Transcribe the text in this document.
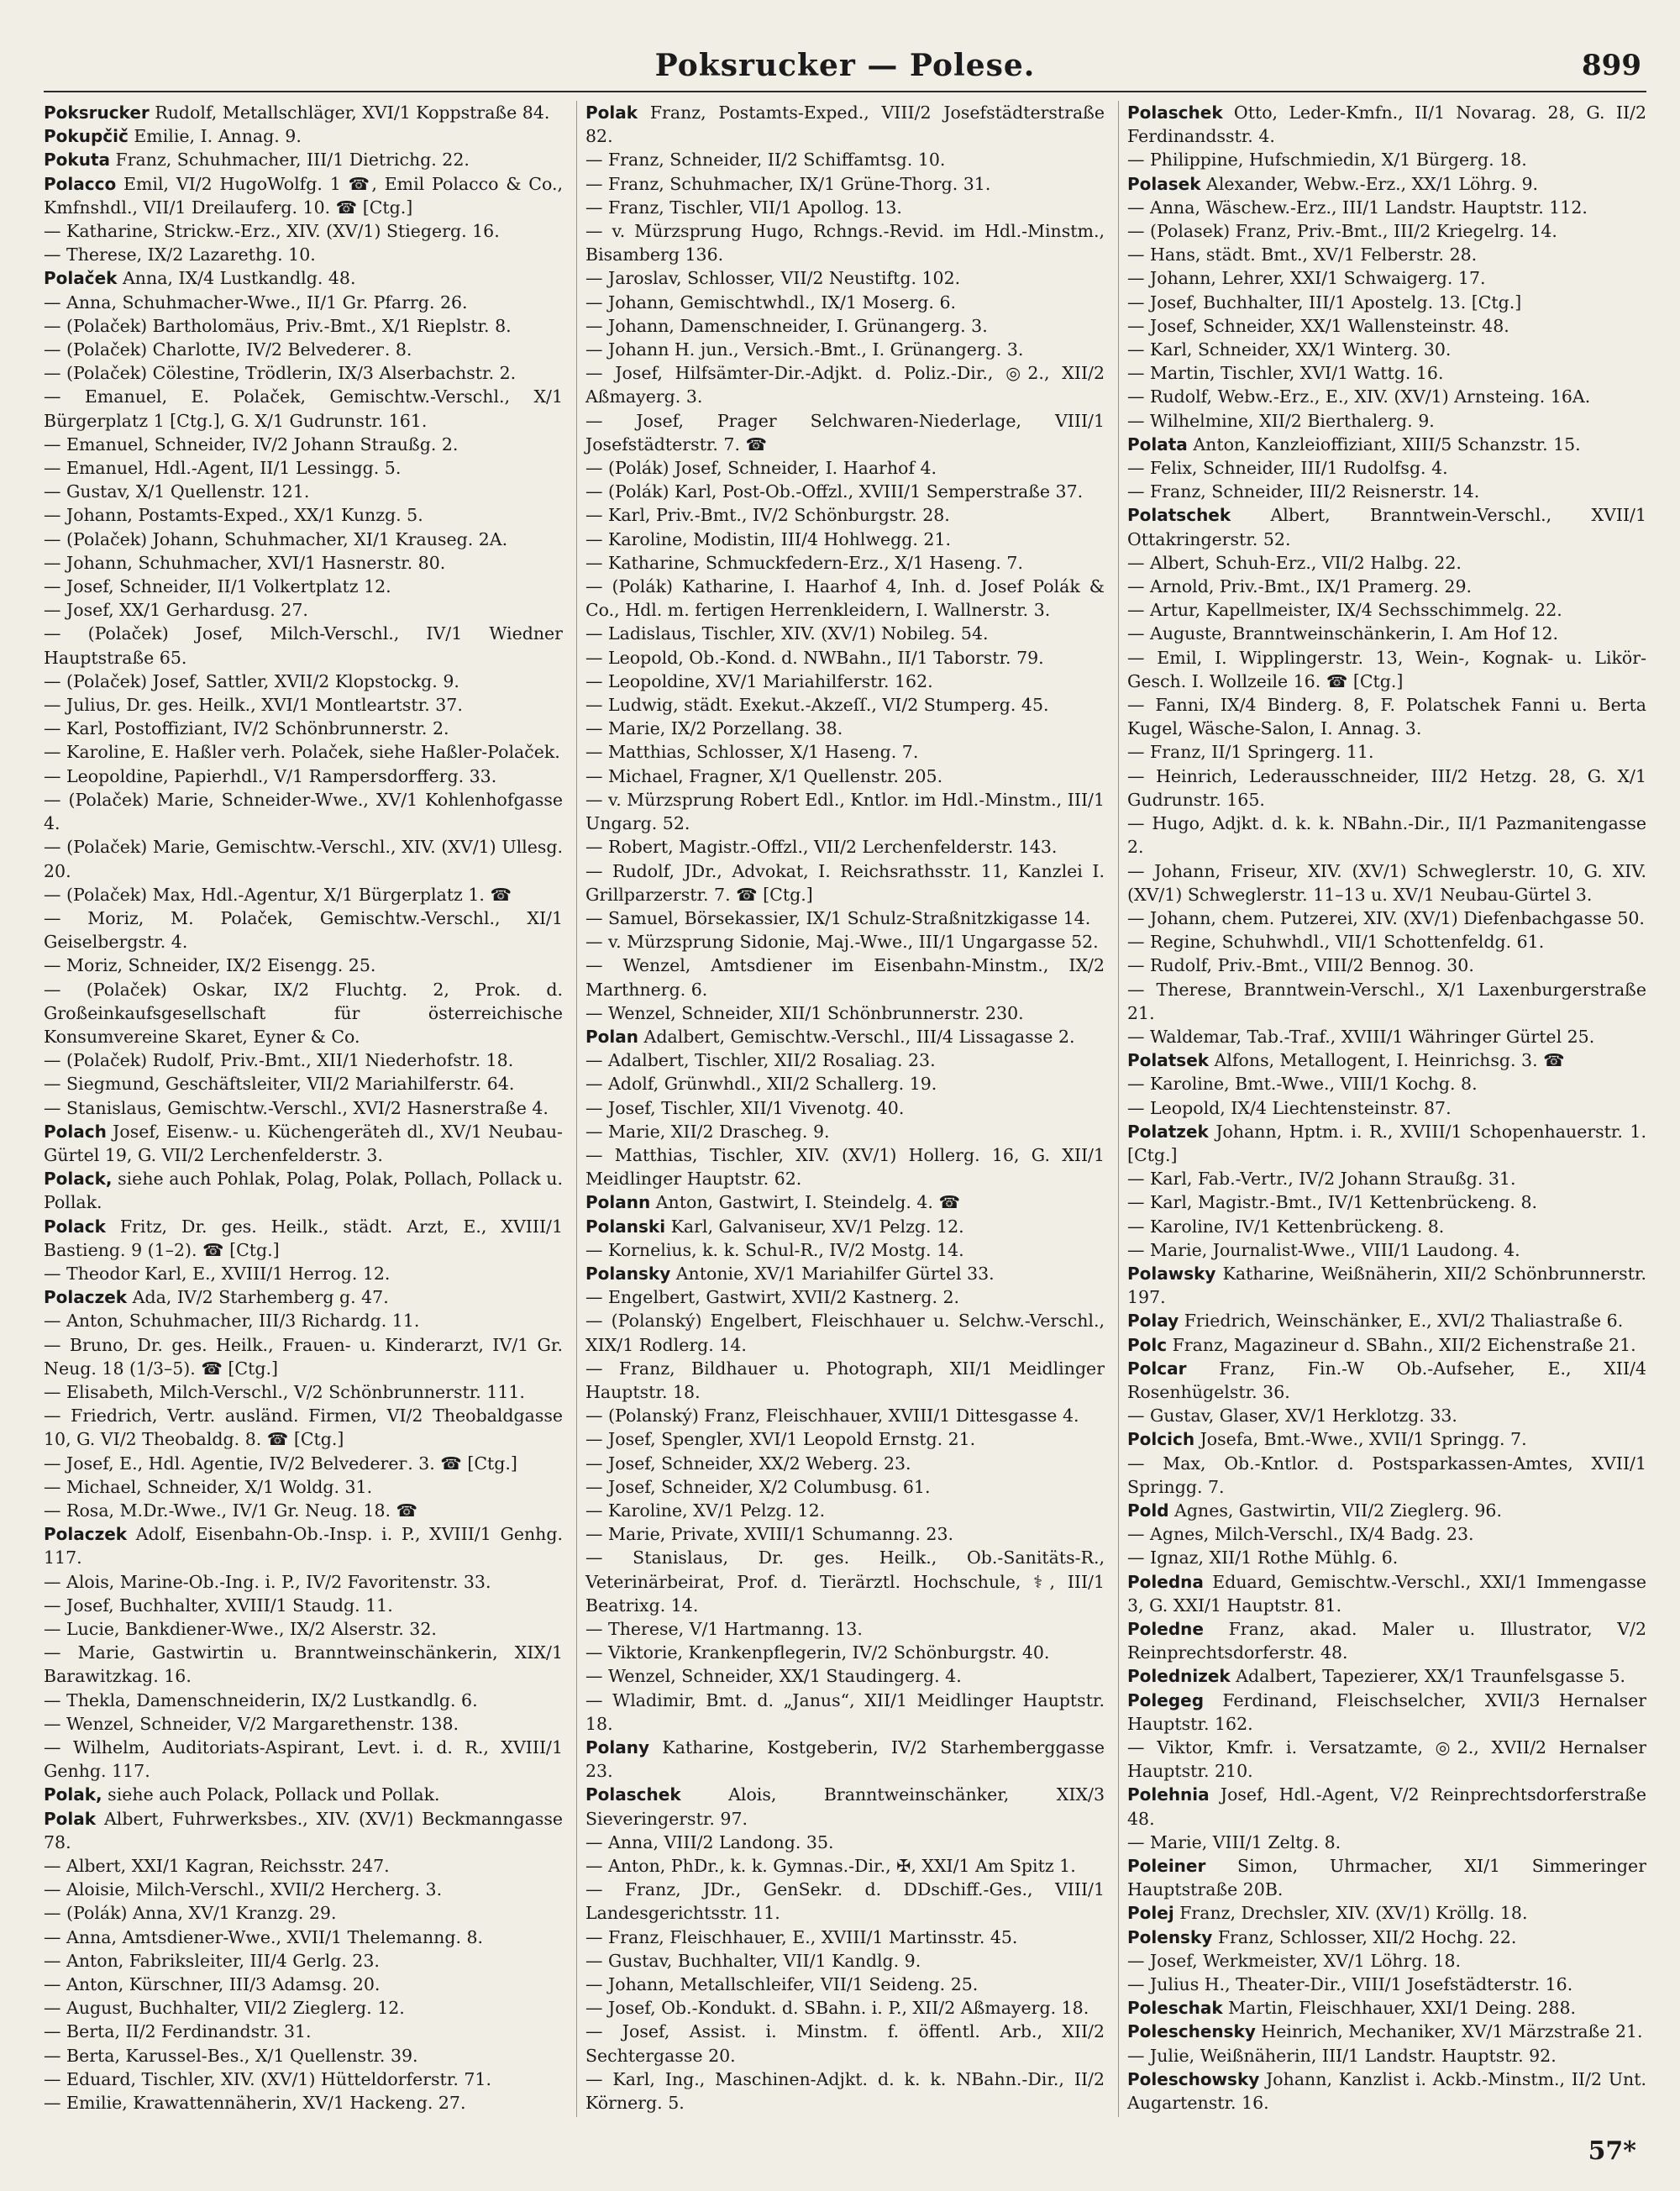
Poksrucker — Polese.	899

Poksrucker Rudolf, Metallschläger, XVI/1 Koppstraße 84.

Pokupčič Emilie, I. Annag. 9.

Pokuta Franz, Schuhmacher, III/1 Dietrichg. 22.

Polacco Emil, VI/2 HugoWolfg. 1 ☎, Emil Polacco & Co., Kmfnshdl., VII/1 Dreilauferg. 10. ☎ [Ctg.]

— Katharine, Strickw.-Erz., XIV. (XV/1) Stiegerg. 16.

— Therese, IX/2 Lazarethg. 10.

Polaček Anna, IX/4 Lustkandlg. 48.

— Anna, Schuhmacher-Wwe., II/1 Gr. Pfarrg. 26.

— (Polaček) Bartholomäus, Priv.-Bmt., X/1 Rieplstr. 8.

— (Polaček) Charlotte, IV/2 Belvederег. 8.

— (Polaček) Cölestine, Trödlerin, IX/3 Alserbachstr. 2.

— Emanuel, E. Polaček, Gemischtw.-Verschl., X/1 Bürgerplatz 1 [Ctg.], G. X/1 Gudrunstr. 161.

— Emanuel, Schneider, IV/2 Johann Straußg. 2.

— Emanuel, Hdl.-Agent, II/1 Lessingg. 5.

— Gustav, X/1 Quellenstr. 121.

— Johann, Postamts-Exped., XX/1 Kunzg. 5.

— (Polaček) Johann, Schuhmacher, XI/1 Krauseg. 2A.

— Johann, Schuhmacher, XVI/1 Hasnerstr. 80.

— Josef, Schneider, II/1 Volkertplatz 12.

— Josef, XX/1 Gerhardusg. 27.

— (Polaček) Josef, Milch-Verschl., IV/1 Wiedner Hauptstraße 65.

— (Polaček) Josef, Sattler, XVII/2 Klopstockg. 9.

— Julius, Dr. ges. Heilk., XVI/1 Montleartstr. 37.

— Karl, Postoffiziant, IV/2 Schönbrunnerstr. 2.

— Karoline, E. Haßler verh. Polaček, siehe Haßler-Polaček.

— Leopoldine, Papierhdl., V/1 Rampersdorfferg. 33.

— (Polaček) Marie, Schneider-Wwe., XV/1 Kohlenhofgasse 4.

— (Polaček) Marie, Gemischtw.-Verschl., XIV. (XV/1) Ullesg. 20.

— (Polaček) Max, Hdl.-Agentur, X/1 Bürgerplatz 1. ☎

— Moriz, M. Polaček, Gemischtw.-Verschl., XI/1 Geiselbergstr. 4.

— Moriz, Schneider, IX/2 Eisengg. 25.

— (Polaček) Oskar, IX/2 Fluchtg. 2, Prok. d. Großeinkaufsgesellschaft für österreichische Konsumvereine Skaret, Eyner & Co.

— (Polaček) Rudolf, Priv.-Bmt., XII/1 Niederhofstr. 18.

— Siegmund, Geschäftsleiter, VII/2 Mariahilferstr. 64.

— Stanislaus, Gemischtw.-Verschl., XVI/2 Hasnerstraße 4.

Polach Josef, Eisenw.- u. Küchengeräteh dl., XV/1 Neubau-Gürtel 19, G. VII/2 Lerchenfelderstr. 3.

Polack, siehe auch Pohlak, Polag, Polak, Pollach, Pollack u. Pollak.

Polack Fritz, Dr. ges. Heilk., städt. Arzt, E., XVIII/1 Bastieng. 9 (1–2). ☎ [Ctg.]

— Theodor Karl, E., XVIII/1 Herrog. 12.

Polaczek Ada, IV/2 Starhemberg g. 47.

— Anton, Schuhmacher, III/3 Richardg. 11.

— Bruno, Dr. ges. Heilk., Frauen- u. Kinderarzt, IV/1 Gr. Neug. 18 (1/3–5). ☎ [Ctg.]

— Elisabeth, Milch-Verschl., V/2 Schönbrunnerstr. 111.

— Friedrich, Vertr. ausländ. Firmen, VI/2 Theobaldgasse 10, G. VI/2 Theobaldg. 8. ☎ [Ctg.]

— Josef, E., Hdl. Agentie, IV/2 Belvederег. 3. ☎ [Ctg.]

— Michael, Schneider, X/1 Woldg. 31.

— Rosa, M.Dr.-Wwe., IV/1 Gr. Neug. 18. ☎

Polaczek Adolf, Eisenbahn-Ob.-Insp. i. P., XVIII/1 Genhg. 117.

— Alois, Marine-Ob.-Ing. i. P., IV/2 Favoritenstr. 33.

— Josef, Buchhalter, XVIII/1 Staudg. 11.

— Lucie, Bankdiener-Wwe., IX/2 Alserstr. 32.

— Marie, Gastwirtin u. Branntweinschänkerin, XIX/1 Barawitzkag. 16.

— Thekla, Damenschneiderin, IX/2 Lustkandlg. 6.

— Wenzel, Schneider, V/2 Margarethenstr. 138.

— Wilhelm, Auditoriats-Aspirant, Levt. i. d. R., XVIII/1 Genhg. 117.

Polak, siehe auch Polack, Pollack und Pollak.

Polak Albert, Fuhrwerksbes., XIV. (XV/1) Beckmanngasse 78.

— Albert, XXI/1 Kagran, Reichsstr. 247.

— Aloisie, Milch-Verschl., XVII/2 Hercherg. 3.

— (Polák) Anna, XV/1 Kranzg. 29.

— Anna, Amtsdiener-Wwe., XVII/1 Thelemanng. 8.

— Anton, Fabriksleiter, III/4 Gerlg. 23.

— Anton, Kürschner, III/3 Adamsg. 20.

— August, Buchhalter, VII/2 Zieglerg. 12.

— Berta, II/2 Ferdinandstr. 31.

— Berta, Karussel-Bes., X/1 Quellenstr. 39.

— Eduard, Tischler, XIV. (XV/1) Hütteldorferstr. 71.

— Emilie, Krawattennäherin, XV/1 Hackeng. 27.

Polak Franz, Postamts-Exped., VIII/2 Josefstädterstraße 82.

— Franz, Schneider, II/2 Schiffamtsg. 10.

— Franz, Schuhmacher, IX/1 Grüne-Thorg. 31.

— Franz, Tischler, VII/1 Apollog. 13.

— v. Mürzsprung Hugo, Rchngs.-Revid. im Hdl.-Minstm., Bisamberg 136.

— Jaroslav, Schlosser, VII/2 Neustiftg. 102.

— Johann, Gemischtwhdl., IX/1 Moserg. 6.

— Johann, Damenschneider, I. Grünangerg. 3.

— Johann H. jun., Versich.-Bmt., I. Grünangerg. 3.

— Josef, Hilfsämter-Dir.-Adjkt. d. Poliz.-Dir., ◎2., XII/2 Aßmayerg. 3.

— Josef, Prager Selchwaren-Niederlage, VIII/1 Josefstädterstr. 7. ☎

— (Polák) Josef, Schneider, I. Haarhof 4.

— (Polák) Karl, Post-Ob.-Offzl., XVIII/1 Semperstraße 37.

— Karl, Priv.-Bmt., IV/2 Schönburgstr. 28.

— Karoline, Modistin, III/4 Hohlwegg. 21.

— Katharine, Schmuckfedern-Erz., X/1 Haseng. 7.

— (Polák) Katharine, I. Haarhof 4, Inh. d. Josef Polák & Co., Hdl. m. fertigen Herrenkleidern, I. Wallnerstr. 3.

— Ladislaus, Tischler, XIV. (XV/1) Nobileg. 54.

— Leopold, Ob.-Kond. d. NWBahn., II/1 Taborstr. 79.

— Leopoldine, XV/1 Mariahilferstr. 162.

— Ludwig, städt. Exekut.-Akzeſſ., VI/2 Stumperg. 45.

— Marie, IX/2 Porzellang. 38.

— Matthias, Schlosser, X/1 Haseng. 7.

— Michael, Fragner, X/1 Quellenstr. 205.

— v. Mürzsprung Robert Edl., Kntlor. im Hdl.-Minstm., III/1 Ungarg. 52.

— Robert, Magistr.-Offzl., VII/2 Lerchenfelderstr. 143.

— Rudolf, JDr., Advokat, I. Reichsrathsstr. 11, Kanzlei I. Grillparzerstr. 7. ☎ [Ctg.]

— Samuel, Börsekassier, IX/1 Schulz-Straßnitzkigasse 14.

— v. Mürzsprung Sidonie, Maj.-Wwe., III/1 Ungargasse 52.

— Wenzel, Amtsdiener im Eisenbahn-Minstm., IX/2 Marthnerg. 6.

— Wenzel, Schneider, XII/1 Schönbrunnerstr. 230.

Polan Adalbert, Gemischtw.-Verschl., III/4 Lissagasse 2.

— Adalbert, Tischler, XII/2 Rosaliag. 23.

— Adolf, Grünwhdl., XII/2 Schallerg. 19.

— Josef, Tischler, XII/1 Vivenotg. 40.

— Marie, XII/2 Drascheg. 9.

— Matthias, Tischler, XIV. (XV/1) Hollerg. 16, G. XII/1 Meidlinger Hauptstr. 62.

Polann Anton, Gastwirt, I. Steindelg. 4. ☎

Polanski Karl, Galvaniseur, XV/1 Pelzg. 12.

— Kornelius, k. k. Schul-R., IV/2 Mostg. 14.

Polansky Antonie, XV/1 Mariahilfer Gürtel 33.

— Engelbert, Gastwirt, XVII/2 Kastnerg. 2.

— (Polanský) Engelbert, Fleischhauer u. Selchw.-Verschl., XIX/1 Rodlerg. 14.

— Franz, Bildhauer u. Photograph, XII/1 Meidlinger Hauptstr. 18.

— (Polanský) Franz, Fleischhauer, XVIII/1 Dittesgasse 4.

— Josef, Spengler, XVI/1 Leopold Ernstg. 21.

— Josef, Schneider, XX/2 Weberg. 23.

— Josef, Schneider, X/2 Columbusg. 61.

— Karoline, XV/1 Pelzg. 12.

— Marie, Private, XVIII/1 Schumanng. 23.

— Stanislaus, Dr. ges. Heilk., Ob.-Sanitäts-R., Veterinärbeirat, Prof. d. Tierärztl. Hochschule, ⚕, III/1 Beatrixg. 14.

— Therese, V/1 Hartmanng. 13.

— Viktorie, Krankenpflegerin, IV/2 Schönburgstr. 40.

— Wenzel, Schneider, XX/1 Staudingerg. 4.

— Wladimir, Bmt. d. „Janus“, XII/1 Meidlinger Hauptstr. 18.

Polany Katharine, Kostgeberin, IV/2 Starhemberggasse 23.

Polaschek Alois, Branntweinschänker, XIX/3 Sieveringerstr. 97.

— Anna, VIII/2 Landong. 35.

— Anton, PhDr., k. k. Gymnas.-Dir., ✠, XXI/1 Am Spitz 1.

— Franz, JDr., GenSekr. d. DDschiff.-Ges., VIII/1 Landesgerichtsstr. 11.

— Franz, Fleischhauer, E., XVIII/1 Martinsstr. 45.

— Gustav, Buchhalter, VII/1 Kandlg. 9.

— Johann, Metallschleifer, VII/1 Seideng. 25.

— Josef, Ob.-Kondukt. d. SBahn. i. P., XII/2 Aßmayerg. 18.

— Josef, Assist. i. Minstm. f. öffentl. Arb., XII/2 Sechtergasse 20.

— Karl, Ing., Maschinen-Adjkt. d. k. k. NBahn.-Dir., II/2 Körnerg. 5.

Polaschek Otto, Leder-Kmfn., II/1 Novarag. 28, G. II/2 Ferdinandsstr. 4.

— Philippine, Hufschmiedin, X/1 Bürgerg. 18.

Polasek Alexander, Webw.-Erz., XX/1 Löhrg. 9.

— Anna, Wäschew.-Erz., III/1 Landstr. Hauptstr. 112.

— (Polasek) Franz, Priv.-Bmt., III/2 Kriegelrg. 14.

— Hans, städt. Bmt., XV/1 Felberstr. 28.

— Johann, Lehrer, XXI/1 Schwaigerg. 17.

— Josef, Buchhalter, III/1 Apostelg. 13. [Ctg.]

— Josef, Schneider, XX/1 Wallensteinstr. 48.

— Karl, Schneider, XX/1 Winterg. 30.

— Martin, Tischler, XVI/1 Wattg. 16.

— Rudolf, Webw.-Erz., E., XIV. (XV/1) Arnsteing. 16A.

— Wilhelmine, XII/2 Bierthalerg. 9.

Polata Anton, Kanzleioffiziant, XIII/5 Schanzstr. 15.

— Felix, Schneider, III/1 Rudolfsg. 4.

— Franz, Schneider, III/2 Reisnerstr. 14.

Polatschek Albert, Branntwein-Verschl., XVII/1 Ottakringerstr. 52.

— Albert, Schuh-Erz., VII/2 Halbg. 22.

— Arnold, Priv.-Bmt., IX/1 Pramerg. 29.

— Artur, Kapellmeister, IX/4 Sechsschimmelg. 22.

— Auguste, Branntweinschänkerin, I. Am Hof 12.

— Emil, I. Wipplingerstr. 13, Wein-, Kognak- u. Likör-Gesch. I. Wollzeile 16. ☎ [Ctg.]

— Fanni, IX/4 Binderg. 8, F. Polatschek Fanni u. Berta Kugel, Wäsche-Salon, I. Annag. 3.

— Franz, II/1 Springerg. 11.

— Heinrich, Lederausschneider, III/2 Hetzg. 28, G. X/1 Gudrunstr. 165.

— Hugo, Adjkt. d. k. k. NBahn.-Dir., II/1 Pazmanitengasse 2.

— Johann, Friseur, XIV. (XV/1) Schweglerstr. 10, G. XIV. (XV/1) Schweglerstr. 11–13 u. XV/1 Neubau-Gürtel 3.

— Johann, chem. Putzerei, XIV. (XV/1) Diefenbachgasse 50.

— Regine, Schuhwhdl., VII/1 Schottenfeldg. 61.

— Rudolf, Priv.-Bmt., VIII/2 Bennog. 30.

— Therese, Branntwein-Verschl., X/1 Laxenburgerstraße 21.

— Waldemar, Tab.-Traf., XVIII/1 Währinger Gürtel 25.

Polatsek Alfons, Metallogent, I. Heinrichsg. 3. ☎

— Karoline, Bmt.-Wwe., VIII/1 Kochg. 8.

— Leopold, IX/4 Liechtensteinstr. 87.

Polatzek Johann, Hptm. i. R., XVIII/1 Schopenhauerstr. 1. [Ctg.]

— Karl, Fab.-Vertr., IV/2 Johann Straußg. 31.

— Karl, Magistr.-Bmt., IV/1 Kettenbrückeng. 8.

— Karoline, IV/1 Kettenbrückeng. 8.

— Marie, Journalist-Wwe., VIII/1 Laudong. 4.

Polawsky Katharine, Weißnäherin, XII/2 Schönbrunnerstr. 197.

Polay Friedrich, Weinschänker, E., XVI/2 Thaliastraße 6.

Polc Franz, Magazineur d. SBahn., XII/2 Eichenstraße 21.

Polcar Franz, Fin.-W Ob.-Aufseher, E., XII/4 Rosenhügelstr. 36.

— Gustav, Glaser, XV/1 Herklotzg. 33.

Polcich Josefa, Bmt.-Wwe., XVII/1 Springg. 7.

— Max, Ob.-Kntlor. d. Postsparkassen-Amtes, XVII/1 Springg. 7.

Pold Agnes, Gastwirtin, VII/2 Zieglerg. 96.

— Agnes, Milch-Verschl., IX/4 Badg. 23.

— Ignaz, XII/1 Rothe Mühlg. 6.

Poledna Eduard, Gemischtw.-Verschl., XXI/1 Immengasse 3, G. XXI/1 Hauptstr. 81.

Poledne Franz, akad. Maler u. Illustrator, V/2 Reinprechtsdorferstr. 48.

Polednizek Adalbert, Tapezierer, XX/1 Traunfelsgasse 5.

Polegeg Ferdinand, Fleischselcher, XVII/3 Hernalser Hauptstr. 162.

— Viktor, Kmfr. i. Versatzamte, ◎2., XVII/2 Hernalser Hauptstr. 210.

Polehnia Josef, Hdl.-Agent, V/2 Reinprechtsdorferstraße 48.

— Marie, VIII/1 Zeltg. 8.

Poleiner Simon, Uhrmacher, XI/1 Simmeringer Hauptstraße 20B.

Polej Franz, Drechsler, XIV. (XV/1) Kröllg. 18.

Polensky Franz, Schlosser, XII/2 Hochg. 22.

— Josef, Werkmeister, XV/1 Löhrg. 18.

— Julius H., Theater-Dir., VIII/1 Josefstädterstr. 16.

Poleschak Martin, Fleischhauer, XXI/1 Deing. 288.

Poleschensky Heinrich, Mechaniker, XV/1 Märzstraße 21.

— Julie, Weißnäherin, III/1 Landstr. Hauptstr. 92.

Poleschowsky Johann, Kanzlist i. Ackb.-Minstm., II/2 Unt. Augartenstr. 16.

57*
